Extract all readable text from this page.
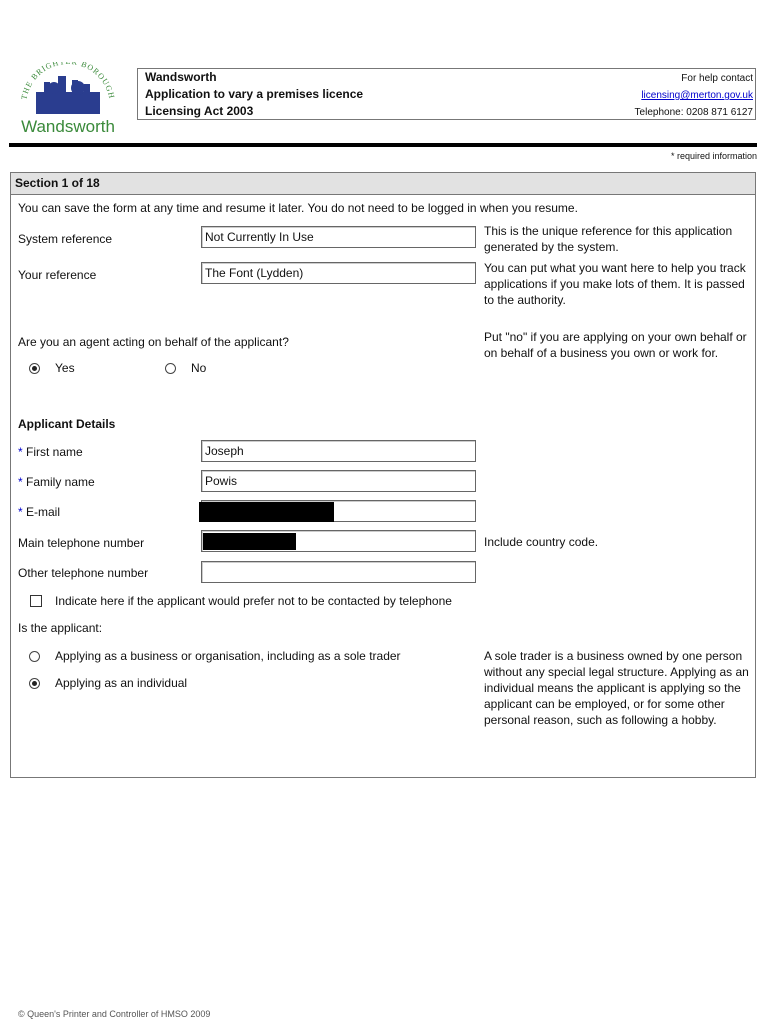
THE BRIGH R BOROUGH
Wandsworth
Wandsworth
Application to vary a premises licence
Licensing Act 2003
For help contact
licensing@merton.gov.uk
Telephone: 0208 871 6127
* required information
Section 1 of 18
You can save the form at any time and resume it later. You do not need to be logged in when you resume.
System reference	Not Currently In Use	This is the unique reference for this application generated by the system.
Your reference	The Font (Lydden)	You can put what you want here to help you track applications if you make lots of them. It is passed to the authority.
Are you an agent acting on behalf of the applicant?	Put "no" if you are applying on your own behalf or on behalf of a business you own or work for.
Yes	No
Applicant Details
* First name	Joseph
* Family name	Powis
* E-mail
Main telephone number	Include country code.
Other telephone number
Indicate here if the applicant would prefer not to be contacted by telephone
Is the applicant:
Applying as a business or organisation, including as a sole trader
Applying as an individual
A sole trader is a business owned by one person without any special legal structure. Applying as an individual means the applicant is applying so the applicant can be employed, or for some other personal reason, such as following a hobby.
© Queen's Printer and Controller of HMSO 2009
